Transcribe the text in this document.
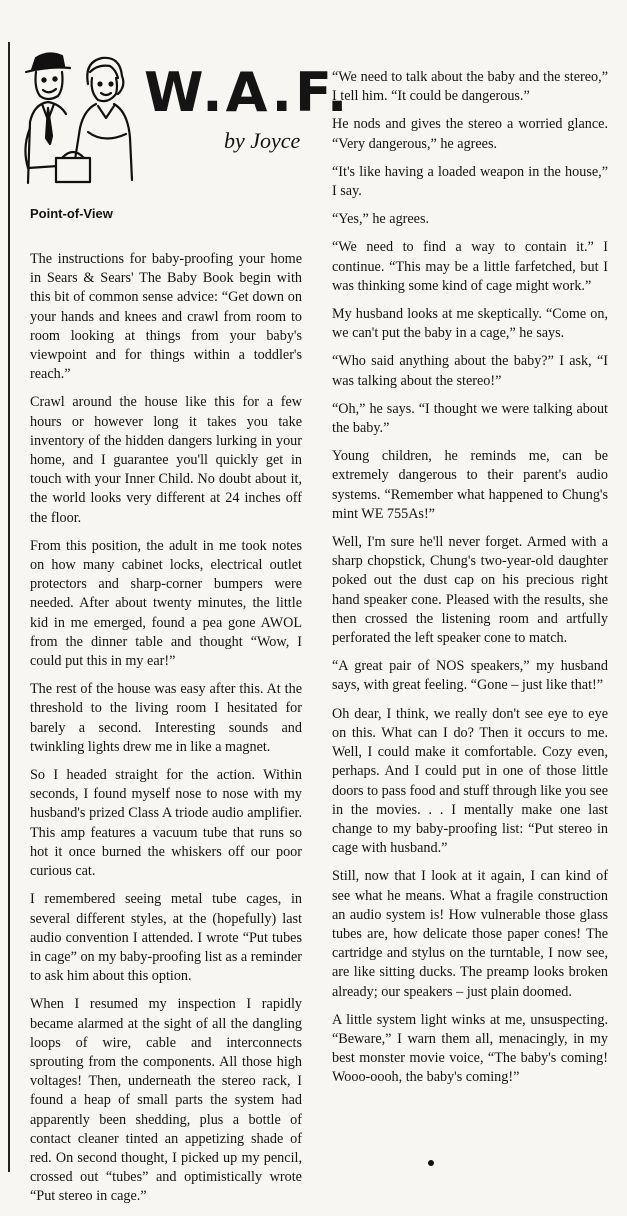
W.A.F.
by Joyce
Point-of-View

The instructions for baby-proofing your home in Sears & Sears' The Baby Book begin with this bit of common sense advice: “Get down on your hands and knees and crawl from room to room looking at things from your baby's viewpoint and for things within a toddler's reach.”

Crawl around the house like this for a few hours or however long it takes you take inventory of the hidden dangers lurking in your home, and I guarantee you'll quickly get in touch with your Inner Child. No doubt about it, the world looks very different at 24 inches off the floor.

From this position, the adult in me took notes on how many cabinet locks, electrical outlet protectors and sharp-corner bumpers were needed. After about twenty minutes, the little kid in me emerged, found a pea gone AWOL from the dinner table and thought “Wow, I could put this in my ear!”

The rest of the house was easy after this. At the threshold to the living room I hesitated for barely a second. Interesting sounds and twinkling lights drew me in like a magnet.

So I headed straight for the action. Within seconds, I found myself nose to nose with my husband's prized Class A triode audio amplifier. This amp features a vacuum tube that runs so hot it once burned the whiskers off our poor curious cat.

I remembered seeing metal tube cages, in several different styles, at the (hopefully) last audio convention I attended. I wrote “Put tubes in cage” on my baby-proofing list as a reminder to ask him about this option.

When I resumed my inspection I rapidly became alarmed at the sight of all the dangling loops of wire, cable and interconnects sprouting from the components. All those high voltages! Then, underneath the stereo rack, I found a heap of small parts the system had apparently been shedding, plus a bottle of contact cleaner tinted an appetizing shade of red. On second thought, I picked up my pencil, crossed out “tubes” and optimistically wrote “Put stereo in cage.”

“We need to talk about the baby and the stereo,” I tell him. “It could be dangerous.”

He nods and gives the stereo a worried glance. “Very dangerous,” he agrees.

“It's like having a loaded weapon in the house,” I say.

“Yes,” he agrees.

“We need to find a way to contain it.” I continue. “This may be a little farfetched, but I was thinking some kind of cage might work.”

My husband looks at me skeptically. “Come on, we can't put the baby in a cage,” he says.

“Who said anything about the baby?” I ask, “I was talking about the stereo!”

“Oh,” he says. “I thought we were talking about the baby.”

Young children, he reminds me, can be extremely dangerous to their parent's audio systems. “Remember what happened to Chung's mint WE 755As!”

Well, I'm sure he'll never forget. Armed with a sharp chopstick, Chung's two-year-old daughter poked out the dust cap on his precious right hand speaker cone. Pleased with the results, she then crossed the listening room and artfully perforated the left speaker cone to match.

“A great pair of NOS speakers,” my husband says, with great feeling. “Gone – just like that!”

Oh dear, I think, we really don't see eye to eye on this. What can I do? Then it occurs to me. Well, I could make it comfortable. Cozy even, perhaps. And I could put in one of those little doors to pass food and stuff through like you see in the movies. . . I mentally make one last change to my baby-proofing list: “Put stereo in cage with husband.”

Still, now that I look at it again, I can kind of see what he means. What a fragile construction an audio system is! How vulnerable those glass tubes are, how delicate those paper cones! The cartridge and stylus on the turntable, I now see, are like sitting ducks. The preamp looks broken already; our speakers – just plain doomed.

A little system light winks at me, unsuspecting. “Beware,” I warn them all, menacingly, in my best monster movie voice, “The baby's coming! Wooo-oooh, the baby's coming!”
